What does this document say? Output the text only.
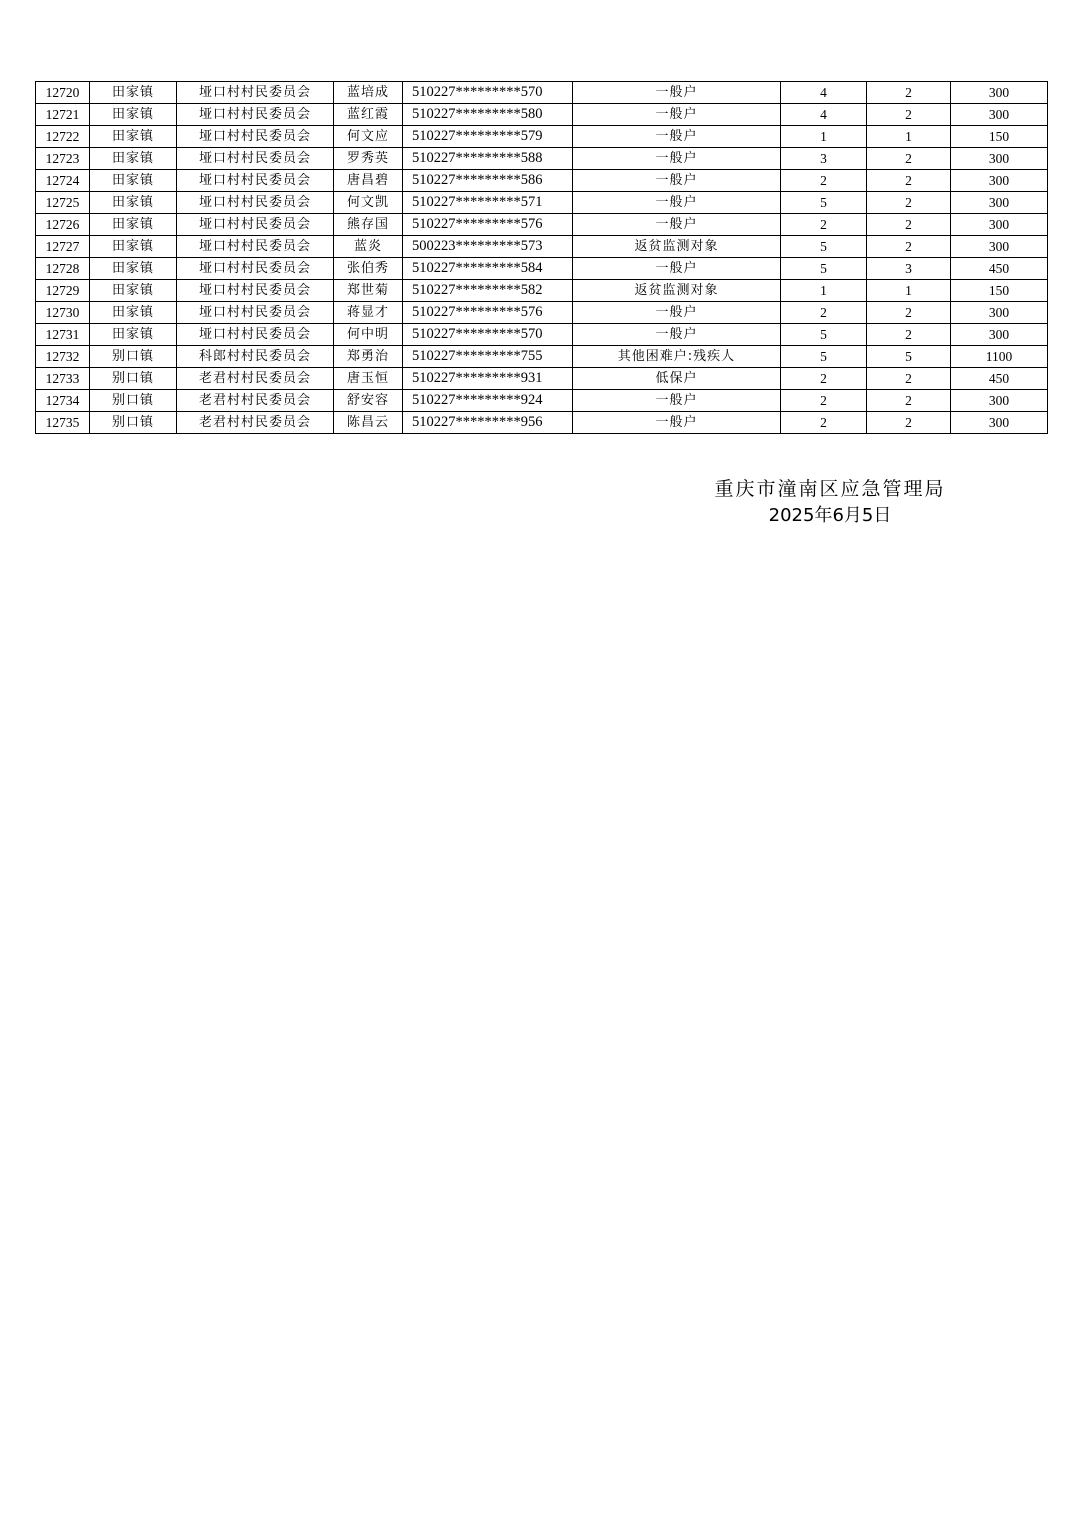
12720	田家镇	垭口村村民委员会	蓝培成	510227*********570	一般户	4	2	300
12721	田家镇	垭口村村民委员会	蓝红霞	510227*********580	一般户	4	2	300
12722	田家镇	垭口村村民委员会	何文应	510227*********579	一般户	1	1	150
12723	田家镇	垭口村村民委员会	罗秀英	510227*********588	一般户	3	2	300
12724	田家镇	垭口村村民委员会	唐昌碧	510227*********586	一般户	2	2	300
12725	田家镇	垭口村村民委员会	何文凯	510227*********571	一般户	5	2	300
12726	田家镇	垭口村村民委员会	熊存国	510227*********576	一般户	2	2	300
12727	田家镇	垭口村村民委员会	蓝炎	500223*********573	返贫监测对象	5	2	300
12728	田家镇	垭口村村民委员会	张伯秀	510227*********584	一般户	5	3	450
12729	田家镇	垭口村村民委员会	郑世菊	510227*********582	返贫监测对象	1	1	150
12730	田家镇	垭口村村民委员会	蒋显才	510227*********576	一般户	2	2	300
12731	田家镇	垭口村村民委员会	何中明	510227*********570	一般户	5	2	300
12732	别口镇	科郎村村民委员会	郑勇治	510227*********755	其他困难户:残疾人	5	5	1100
12733	别口镇	老君村村民委员会	唐玉恒	510227*********931	低保户	2	2	450
12734	别口镇	老君村村民委员会	舒安容	510227*********924	一般户	2	2	300
12735	别口镇	老君村村民委员会	陈昌云	510227*********956	一般户	2	2	300
重庆市潼南区应急管理局
2025年6月5日
